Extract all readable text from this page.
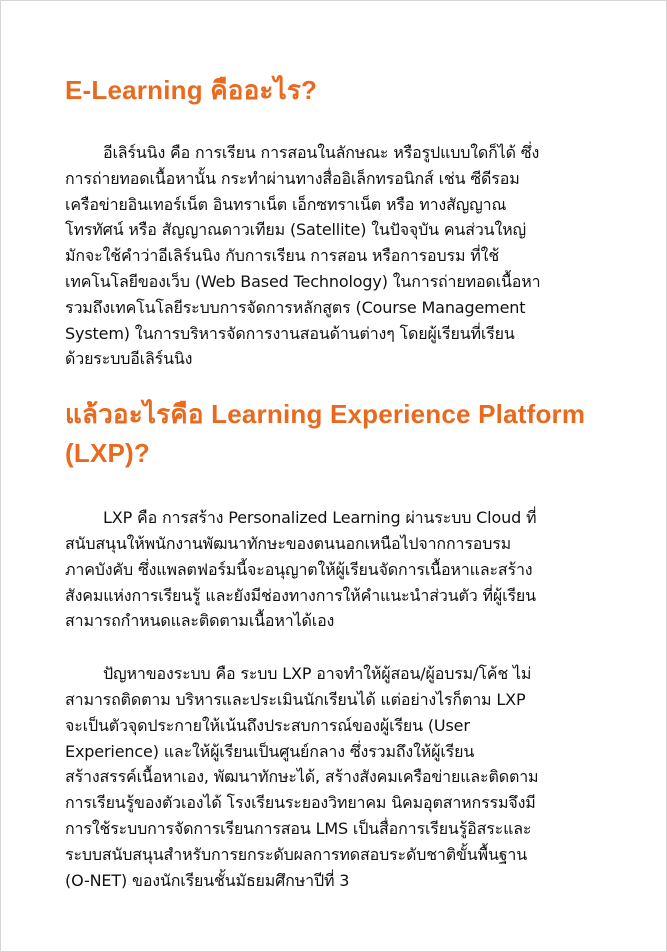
E-Learning คืออะไร?

อีเลิร์นนิง คือ การเรียน การสอนในลักษณะ หรือรูปแบบใดก็ได้ ซึ่ง
การถ่ายทอดเนื้อหานั้น กระทำผ่านทางสื่ออิเล็กทรอนิกส์ เช่น ซีดีรอม
เครือข่ายอินเทอร์เน็ต อินทราเน็ต เอ็กซทราเน็ต หรือ ทางสัญญาณ
โทรทัศน์ หรือ สัญญาณดาวเทียม (Satellite) ในปัจจุบัน คนส่วนใหญ่
มักจะใช้คำว่าอีเลิร์นนิง กับการเรียน การสอน หรือการอบรม ที่ใช้
เทคโนโลยีของเว็บ (Web Based Technology) ในการถ่ายทอดเนื้อหา
รวมถึงเทคโนโลยีระบบการจัดการหลักสูตร (Course Management
System) ในการบริหารจัดการงานสอนด้านต่างๆ โดยผู้เรียนที่เรียน
ด้วยระบบอีเลิร์นนิง

แล้วอะไรคือ Learning Experience Platform (LXP)?

LXP คือ การสร้าง Personalized Learning ผ่านระบบ Cloud ที่
สนับสนุนให้พนักงานพัฒนาทักษะของตนนอกเหนือไปจากการอบรม
ภาคบังคับ ซึ่งแพลตฟอร์มนี้จะอนุญาตให้ผู้เรียนจัดการเนื้อหาและสร้าง
สังคมแห่งการเรียนรู้ และยังมีช่องทางการให้คำแนะนำส่วนตัว ที่ผู้เรียน
สามารถกำหนดและติดตามเนื้อหาได้เอง

ปัญหาของระบบ คือ ระบบ LXP อาจทำให้ผู้สอน/ผู้อบรม/โค้ช ไม่
สามารถติดตาม บริหารและประเมินนักเรียนได้ แต่อย่างไรก็ตาม LXP
จะเป็นตัวจุดประกายให้เน้นถึงประสบการณ์ของผู้เรียน (User
Experience) และให้ผู้เรียนเป็นศูนย์กลาง ซึ่งรวมถึงให้ผู้เรียน
สร้างสรรค์เนื้อหาเอง, พัฒนาทักษะได้, สร้างสังคมเครือข่ายและติดตาม
การเรียนรู้ของตัวเองได้ โรงเรียนระยองวิทยาคม นิคมอุตสาหกรรมจึงมี
การใช้ระบบการจัดการเรียนการสอน LMS เป็นสื่อการเรียนรู้อิสระและ
ระบบสนับสนุนสำหรับการยกระดับผลการทดสอบระดับชาติขั้นพื้นฐาน
(O-NET) ของนักเรียนชั้นมัธยมศึกษาปีที่ 3
